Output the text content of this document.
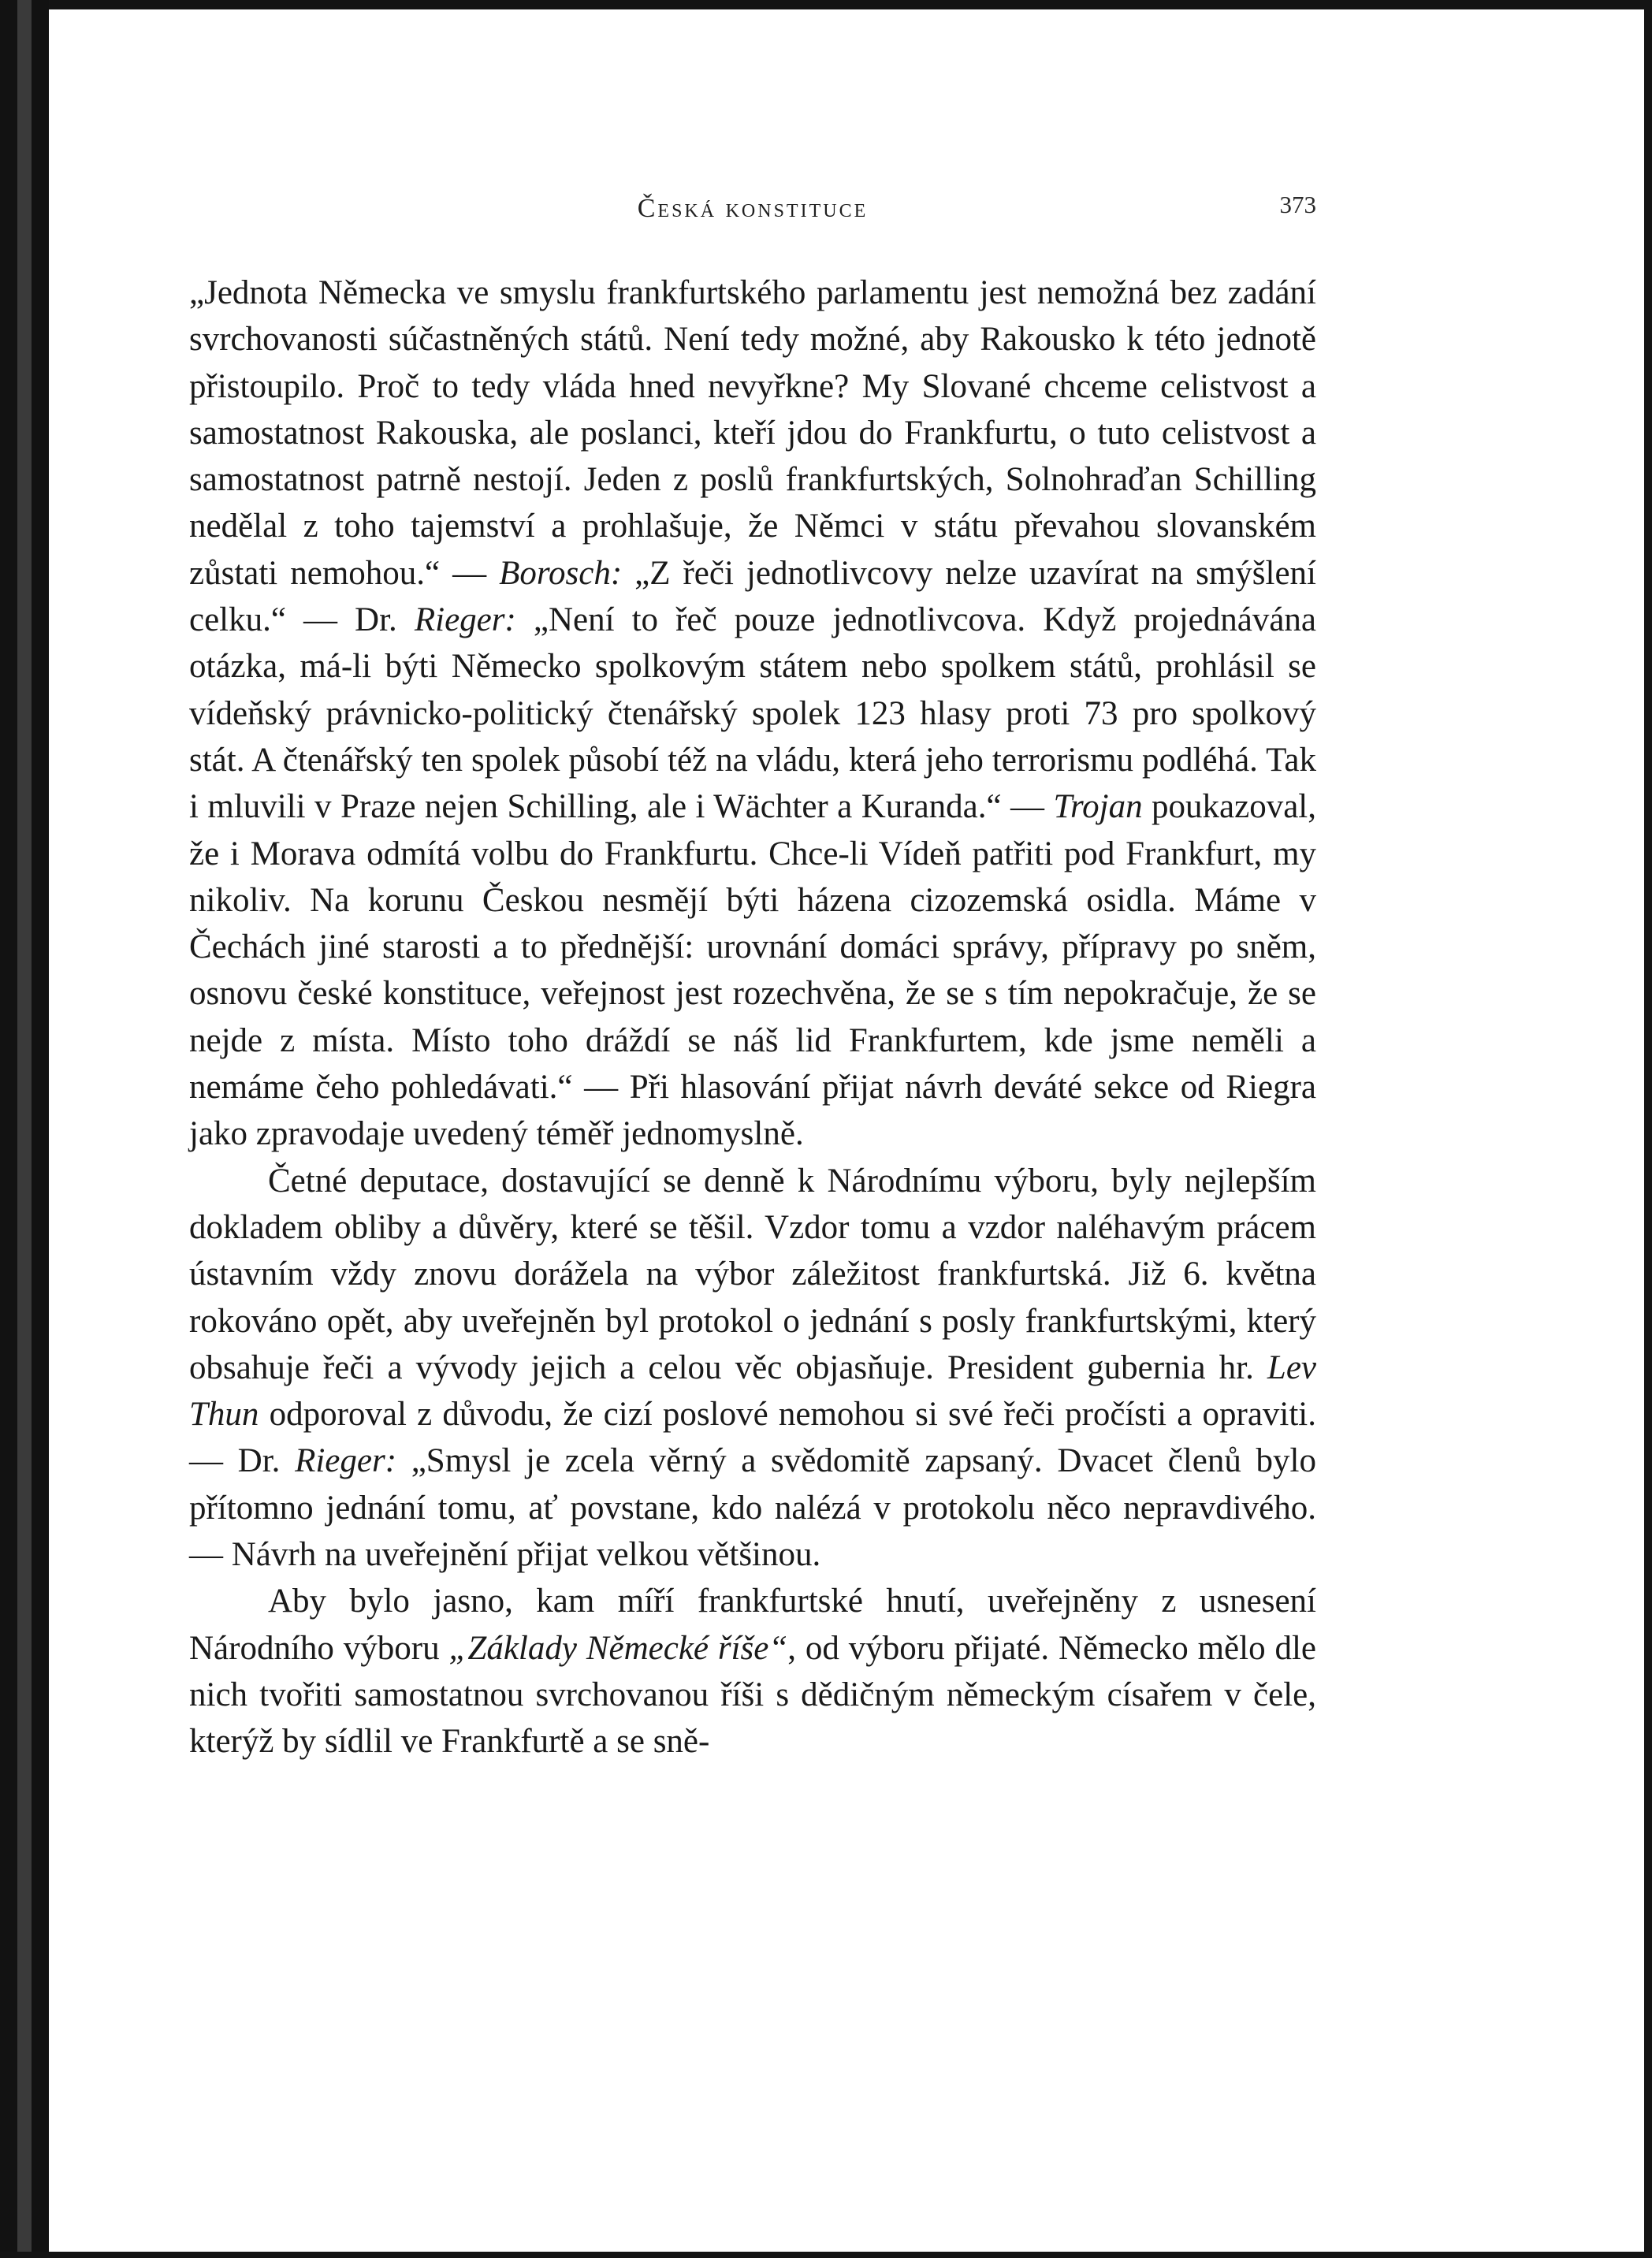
Česká konstituce	373

„Jednota Německa ve smyslu frankfurtského parlamentu jest nemožná bez zadání svrchovanosti súčastněných států. Není tedy možné, aby Rakousko k této jednotě přistoupilo. Proč to tedy vláda hned nevyřkne? My Slované chceme celistvost a samostatnost Rakouska, ale poslanci, kteří jdou do Frankfurtu, o tuto celistvost a samostatnost patrně nestojí. Jeden z poslů frankfurtských, Solnohraďan Schilling nedělal z toho tajemství a prohlašuje, že Němci v státu převahou slovanském zůstati nemohou.“ — Borosch: „Z řeči jednotlivcovy nelze uzavírat na smýšlení celku.“ — Dr. Rieger: „Není to řeč pouze jednotlivcova. Když projednávána otázka, má-li býti Německo spolkovým státem nebo spolkem států, prohlásil se vídeňský právnicko-politický čtenářský spolek 123 hlasy proti 73 pro spolkový stát. A čtenářský ten spolek působí též na vládu, která jeho terrorismu podléhá. Tak i mluvili v Praze nejen Schilling, ale i Wächter a Kuranda.“ — Trojan poukazoval, že i Morava odmítá volbu do Frankfurtu. Chce-li Vídeň patřiti pod Frankfurt, my nikoliv. Na korunu Českou nesmějí býti házena cizozemská osidla. Máme v Čechách jiné starosti a to přednější: urovnání domáci správy, přípravy po sněm, osnovu české konstituce, veřejnost jest rozechvěna, že se s tím nepokračuje, že se nejde z místa. Místo toho dráždí se náš lid Frankfurtem, kde jsme neměli a nemáme čeho pohledávati.“ — Při hlasování přijat návrh deváté sekce od Riegra jako zpravodaje uvedený téměř jednomyslně.

Četné deputace, dostavující se denně k Národnímu výboru, byly nejlepším dokladem obliby a důvěry, které se těšil. Vzdor tomu a vzdor naléhavým prácem ústavním vždy znovu dorážela na výbor záležitost frankfurtská. Již 6. května rokováno opět, aby uveřejněn byl protokol o jednání s posly frankfurtskými, který obsahuje řeči a vývody jejich a celou věc objasňuje. President gubernia hr. Lev Thun odporoval z důvodu, že cizí poslové nemohou si své řeči pročísti a opraviti. — Dr. Rieger: „Smysl je zcela věrný a svědomitě zapsaný. Dvacet členů bylo přítomno jednání tomu, ať povstane, kdo nalézá v protokolu něco nepravdivého. — Návrh na uveřejnění přijat velkou většinou.

Aby bylo jasno, kam míří frankfurtské hnutí, uveřejněny z usnesení Národního výboru „Základy Německé říše“, od výboru přijaté. Německo mělo dle nich tvořiti samostatnou svrchovanou říši s dědičným německým císařem v čele, kterýž by sídlil ve Frankfurtě a se sně-
